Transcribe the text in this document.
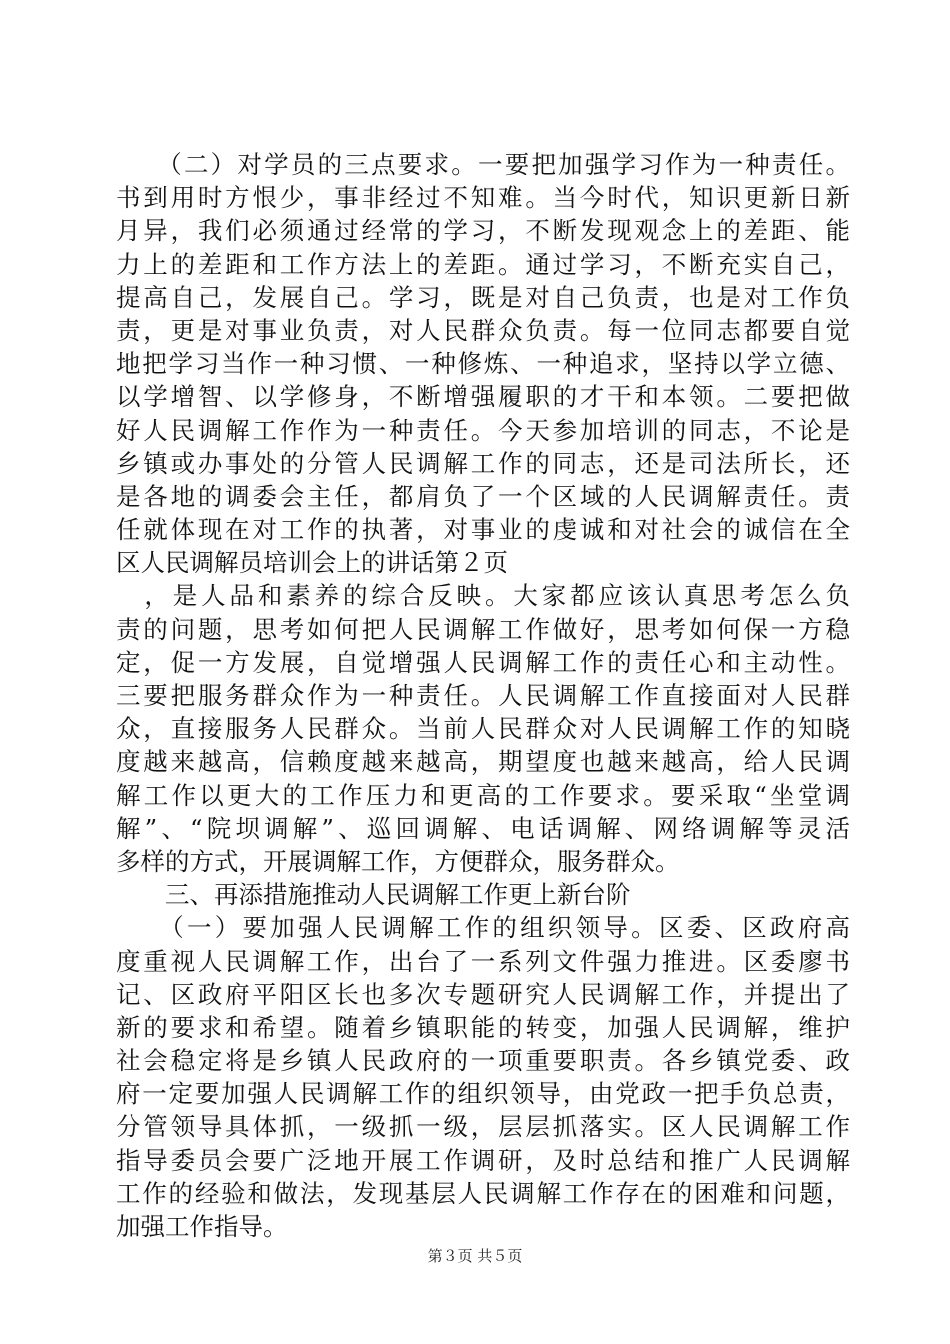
　　（二）对学员的三点要求。一要把加强学习作为一种责任。
书到用时方恨少，事非经过不知难。当今时代，知识更新日新
月异，我们必须通过经常的学习，不断发现观念上的差距、能
力上的差距和工作方法上的差距。通过学习，不断充实自己，
提高自己，发展自己。学习，既是对自己负责，也是对工作负
责，更是对事业负责，对人民群众负责。每一位同志都要自觉
地把学习当作一种习惯、一种修炼、一种追求，坚持以学立德、
以学增智、以学修身，不断增强履职的才干和本领。二要把做
好人民调解工作作为一种责任。今天参加培训的同志，不论是
乡镇或办事处的分管人民调解工作的同志，还是司法所长，还
是各地的调委会主任，都肩负了一个区域的人民调解责任。责
任就体现在对工作的执著，对事业的虔诚和对社会的诚信在全
区人民调解员培训会上的讲话第２页
　，是人品和素养的综合反映。大家都应该认真思考怎么负
责的问题，思考如何把人民调解工作做好，思考如何保一方稳
定，促一方发展，自觉增强人民调解工作的责任心和主动性。
三要把服务群众作为一种责任。人民调解工作直接面对人民群
众，直接服务人民群众。当前人民群众对人民调解工作的知晓
度越来越高，信赖度越来越高，期望度也越来越高，给人民调
解工作以更大的工作压力和更高的工作要求。要采取“坐堂调
解”、“院坝调解”、巡回调解、电话调解、网络调解等灵活
多样的方式，开展调解工作，方便群众，服务群众。
　　三、再添措施推动人民调解工作更上新台阶
　　（一）要加强人民调解工作的组织领导。区委、区政府高
度重视人民调解工作，出台了一系列文件强力推进。区委廖书
记、区政府平阳区长也多次专题研究人民调解工作，并提出了
新的要求和希望。随着乡镇职能的转变，加强人民调解，维护
社会稳定将是乡镇人民政府的一项重要职责。各乡镇党委、政
府一定要加强人民调解工作的组织领导，由党政一把手负总责，
分管领导具体抓，一级抓一级，层层抓落实。区人民调解工作
指导委员会要广泛地开展工作调研，及时总结和推广人民调解
工作的经验和做法，发现基层人民调解工作存在的困难和问题，
加强工作指导。
第３页 共５页
